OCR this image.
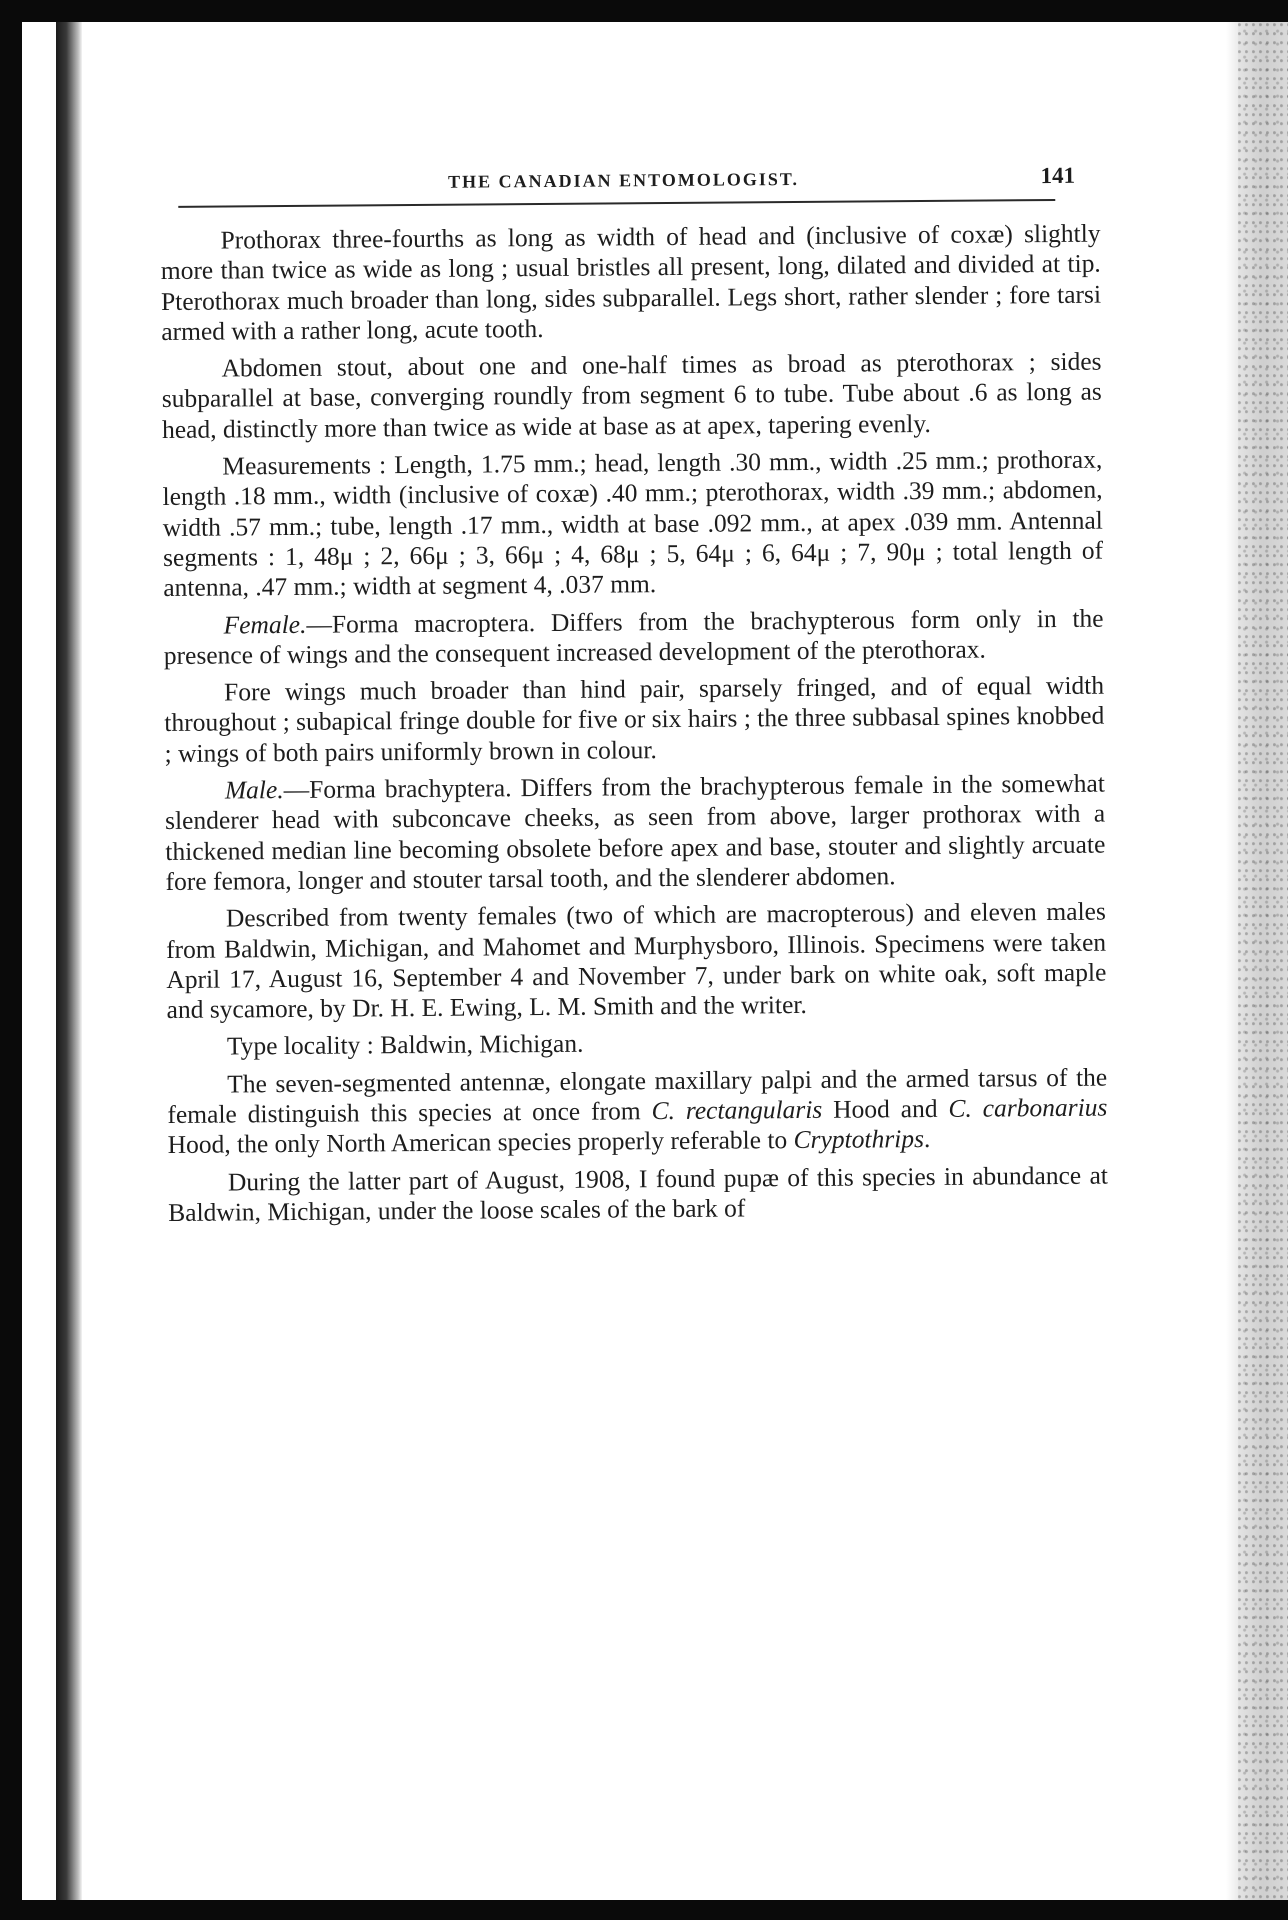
THE CANADIAN ENTOMOLOGIST.	141

Prothorax three-fourths as long as width of head and (inclusive of coxæ) slightly more than twice as wide as long ; usual bristles all present, long, dilated and divided at tip. Pterothorax much broader than long, sides subparallel. Legs short, rather slender ; fore tarsi armed with a rather long, acute tooth.

Abdomen stout, about one and one-half times as broad as pterothorax ; sides subparallel at base, converging roundly from segment 6 to tube. Tube about .6 as long as head, distinctly more than twice as wide at base as at apex, tapering evenly.

Measurements : Length, 1.75 mm.; head, length .30 mm., width .25 mm.; prothorax, length .18 mm., width (inclusive of coxæ) .40 mm.; pterothorax, width .39 mm.; abdomen, width .57 mm.; tube, length .17 mm., width at base .092 mm., at apex .039 mm. Antennal segments : 1, 48μ ; 2, 66μ ; 3, 66μ ; 4, 68μ ; 5, 64μ ; 6, 64μ ; 7, 90μ ; total length of antenna, .47 mm.; width at segment 4, .037 mm.

Female.—Forma macroptera. Differs from the brachypterous form only in the presence of wings and the consequent increased development of the pterothorax.

Fore wings much broader than hind pair, sparsely fringed, and of equal width throughout ; subapical fringe double for five or six hairs ; the three subbasal spines knobbed ; wings of both pairs uniformly brown in colour.

Male.—Forma brachyptera. Differs from the brachypterous female in the somewhat slenderer head with subconcave cheeks, as seen from above, larger prothorax with a thickened median line becoming obsolete before apex and base, stouter and slightly arcuate fore femora, longer and stouter tarsal tooth, and the slenderer abdomen.

Described from twenty females (two of which are macropterous) and eleven males from Baldwin, Michigan, and Mahomet and Murphysboro, Illinois. Specimens were taken April 17, August 16, September 4 and November 7, under bark on white oak, soft maple and sycamore, by Dr. H. E. Ewing, L. M. Smith and the writer.

Type locality : Baldwin, Michigan.

The seven-segmented antennæ, elongate maxillary palpi and the armed tarsus of the female distinguish this species at once from C. rectangularis Hood and C. carbonarius Hood, the only North American species properly referable to Cryptothrips.

During the latter part of August, 1908, I found pupæ of this species in abundance at Baldwin, Michigan, under the loose scales of the bark of
